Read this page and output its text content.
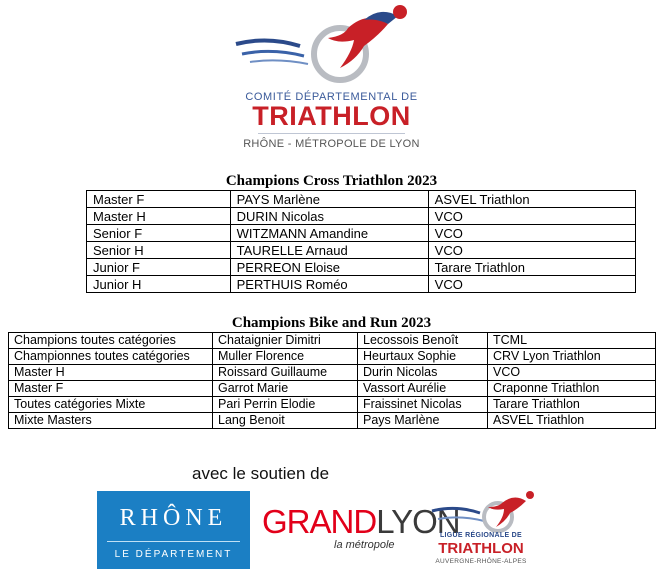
COMITÉ DÉPARTEMENTAL DE
TRIATHLON
RHÔNE - MÉTROPOLE DE LYON
Champions Cross Triathlon 2023
Master F	PAYS Marlène	ASVEL Triathlon
Master H	DURIN Nicolas	VCO
Senior F	WITZMANN Amandine	VCO
Senior H	TAURELLE Arnaud	VCO
Junior F	PERREON Eloise	Tarare Triathlon
Junior H	PERTHUIS Roméo	VCO
Champions Bike and Run 2023
Champions toutes catégories	Chataignier Dimitri	Lecossois Benoît	TCML
Championnes toutes catégories	Muller Florence	Heurtaux Sophie	CRV Lyon Triathlon
Master H	Roissard Guillaume	Durin Nicolas	VCO
Master F	Garrot Marie	Vassort Aurélie	Craponne Triathlon
Toutes catégories Mixte	Pari Perrin Elodie	Fraissinet Nicolas	Tarare Triathlon
Mixte Masters	Lang Benoit	Pays Marlène	ASVEL Triathlon
avec le soutien de
RHÔNE
LE DÉPARTEMENT
GRANDLYON
la métropole
LIGUE RÉGIONALE DE
TRIATHLON
AUVERGNE-RHÔNE-ALPES
